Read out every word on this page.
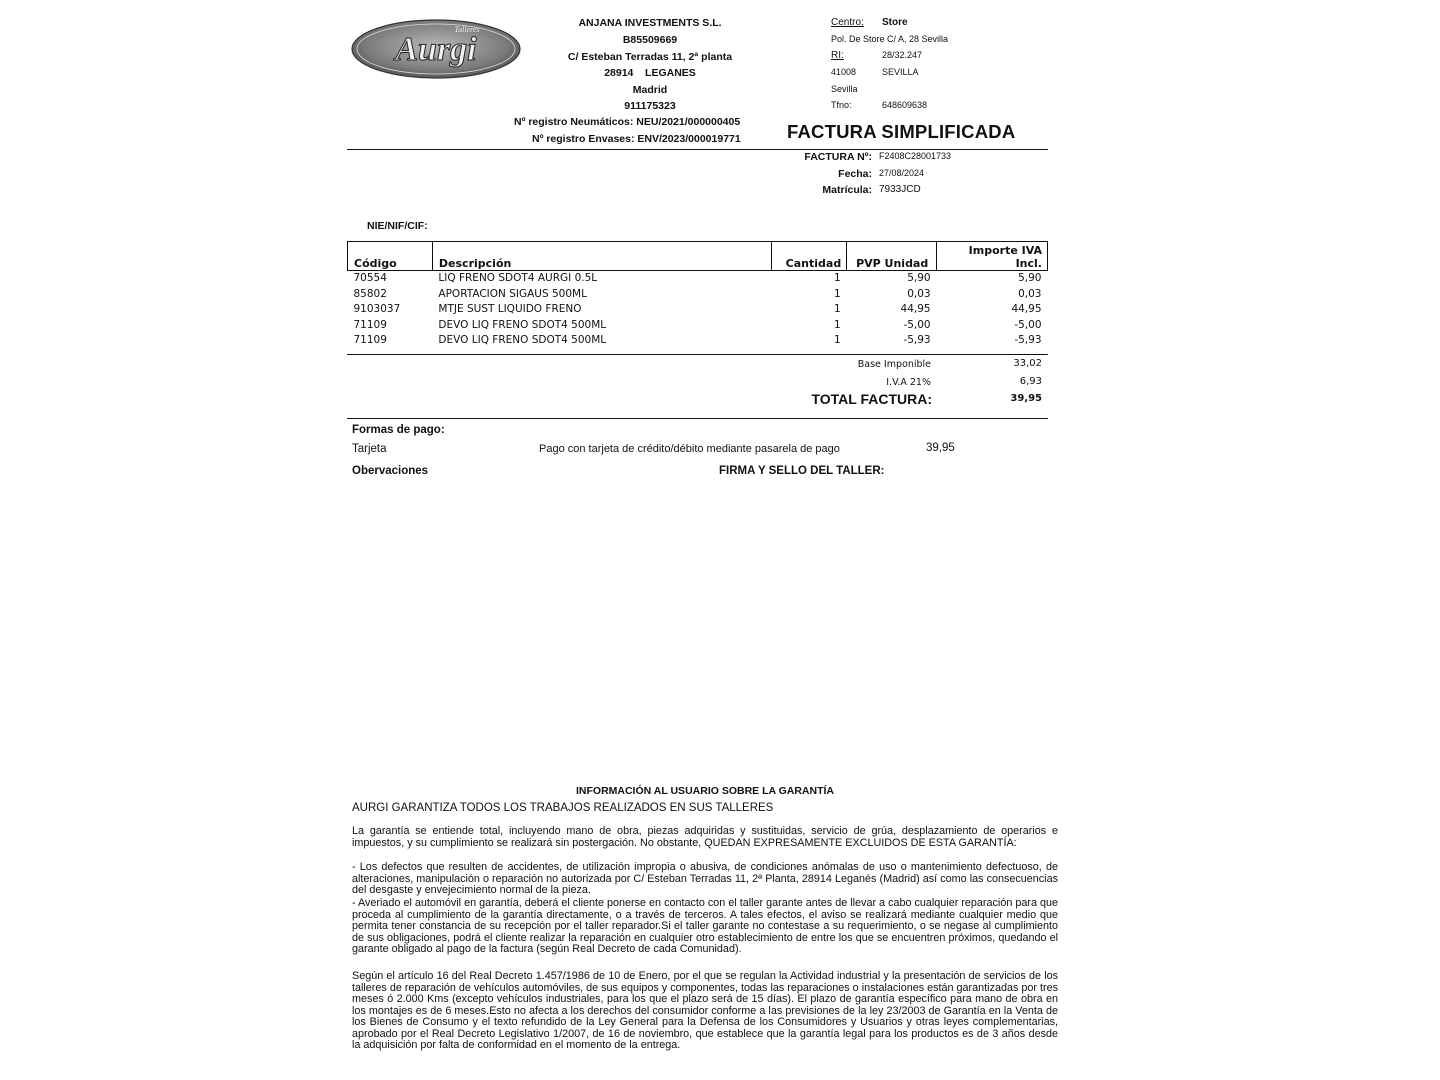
Talleres
Aurgi
ANJANA INVESTMENTS S.L.
B85509669
C/ Esteban Terradas 11, 2ª planta
28914    LEGANES
Madrid
911175323
Nº registro Neumáticos: NEU/2021/000000405
Nº registro Envases: ENV/2023/000019771
Centro: Store
Pol. De Store C/ A, 28 Sevilla
RI:	28/32.247
41008	SEVILLA
Sevilla
Tfno:	648609638
FACTURA SIMPLIFICADA
FACTURA Nº: F2408C28001733
Fecha: 27/08/2024
Matrícula: 7933JCD
NIE/NIF/CIF:
Código	Descripción	Cantidad	PVP Unidad	Importe IVA Incl.
70554	LIQ FRENO SDOT4 AURGI 0.5L	1	5,90	5,90
85802	APORTACION SIGAUS 500ML	1	0,03	0,03
9103037	MTJE SUST LIQUIDO FRENO	1	44,95	44,95
71109	DEVO LIQ FRENO SDOT4 500ML	1	-5,00	-5,00
71109	DEVO LIQ FRENO SDOT4 500ML	1	-5,93	-5,93
Base Imponible	33,02
I.V.A 21%	6,93
TOTAL FACTURA:	39,95
Formas de pago:
Tarjeta	Pago con tarjeta de crédito/débito mediante pasarela de pago	39,95
Obervaciones	FIRMA Y SELLO DEL TALLER:
INFORMACIÓN AL USUARIO SOBRE LA GARANTÍA
AURGI GARANTIZA TODOS LOS TRABAJOS REALIZADOS EN SUS TALLERES
La garantía se entiende total, incluyendo mano de obra, piezas adquiridas y sustituidas, servicio de grúa, desplazamiento de operarios e impuestos, y su cumplimiento se realizará sin postergación. No obstante, QUEDAN EXPRESAMENTE EXCLUIDOS DE ESTA GARANTÍA:
- Los defectos que resulten de accidentes, de utilización impropia o abusiva, de condiciones anómalas de uso o mantenimiento defectuoso, de alteraciones, manipulación o reparación no autorizada por C/ Esteban Terradas 11, 2ª Planta, 28914 Leganés (Madrid) así como las consecuencias del desgaste y envejecimiento normal de la pieza.
- Averiado el automóvil en garantía, deberá el cliente ponerse en contacto con el taller garante antes de llevar a cabo cualquier reparación para que proceda al cumplimiento de la garantía directamente, o a través de terceros. A tales efectos, el aviso se realizará mediante cualquier medio que permita tener constancia de su recepción por el taller reparador.Si el taller garante no contestase a su requerimiento, o se negase al cumplimiento de sus obligaciones, podrá el cliente realizar la reparación en cualquier otro establecimiento de entre los que se encuentren próximos, quedando el garante obligado al pago de la factura (según Real Decreto de cada Comunidad).
Según el artículo 16 del Real Decreto 1.457/1986 de 10 de Enero, por el que se regulan la Actividad industrial y la presentación de servicios de los talleres de reparación de vehículos automóviles, de sus equipos y componentes, todas las reparaciones o instalaciones están garantizadas por tres meses ó 2.000 Kms (excepto vehículos industriales, para los que el plazo será de 15 días). El plazo de garantía específico para mano de obra en los montajes es de 6 meses.Esto no afecta a los derechos del consumidor conforme a las previsiones de la ley 23/2003 de Garantía en la Venta de los Bienes de Consumo y el texto refundido de la Ley General para la Defensa de los Consumidores y Usuarios y otras leyes complementarias, aprobado por el Real Decreto Legislativo 1/2007, de 16 de noviembro, que establece que la garantía legal para los productos es de 3 años desde la adquisición por falta de conformidad en el momento de la entrega.
